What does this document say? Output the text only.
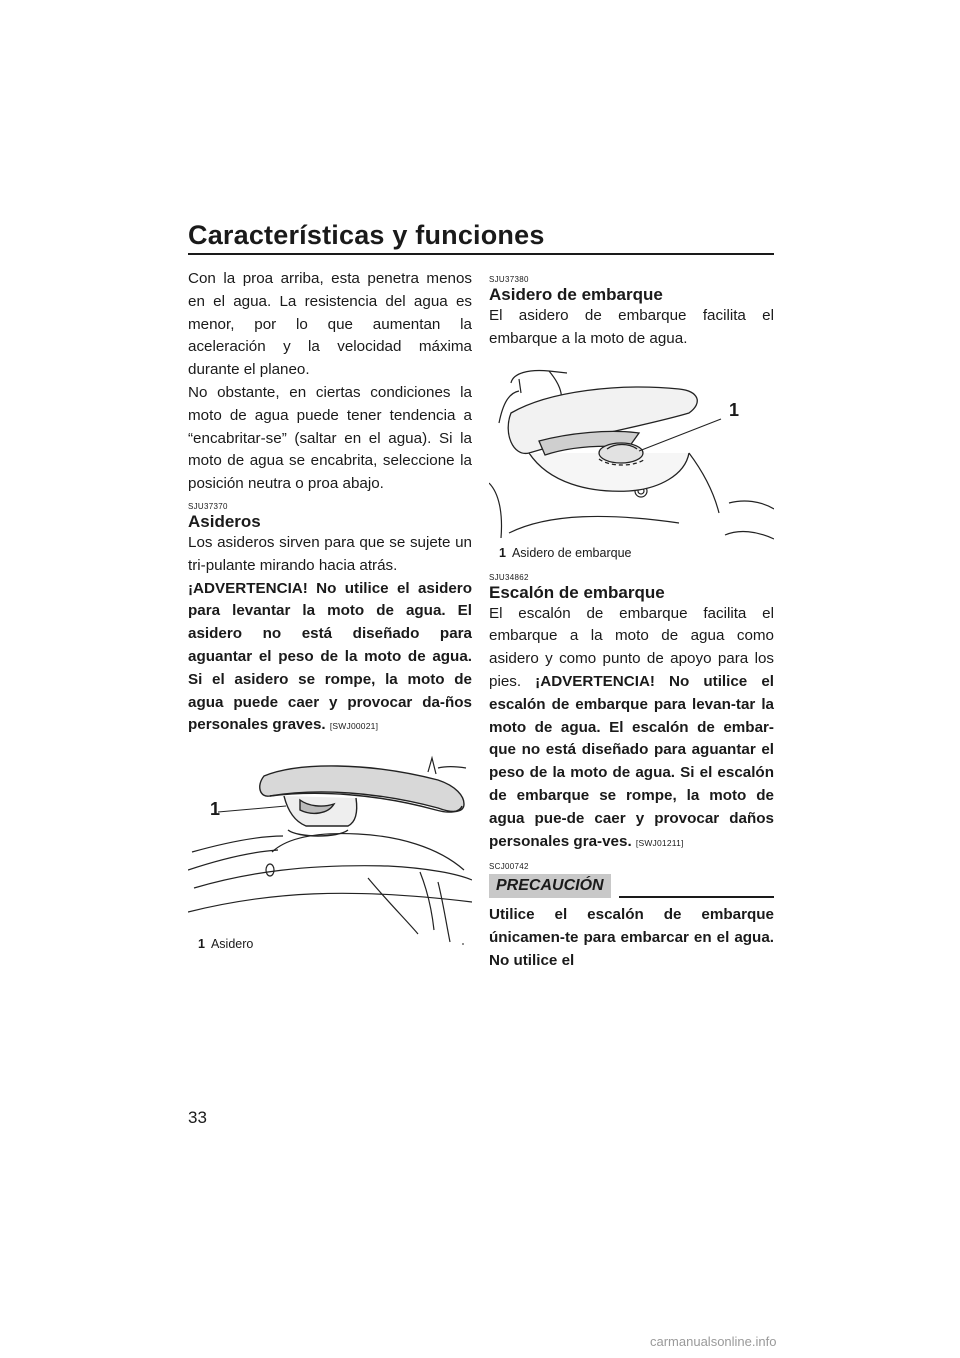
Características y funciones

Con la proa arriba, esta penetra menos en el agua. La resistencia del agua es menor, por lo que aumentan la aceleración y la velocidad máxima durante el planeo.

No obstante, en ciertas condiciones la moto de agua puede tener tendencia a “encabritar-se” (saltar en el agua). Si la moto de agua se encabrita, seleccione la posición neutra o proa abajo.

SJU37370
Asideros

Los asideros sirven para que se sujete un tri-pulante mirando hacia atrás.

¡ADVERTENCIA! No utilice el asidero para levantar la moto de agua. El asidero no está diseñado para aguantar el peso de la moto de agua. Si el asidero se rompe, la moto de agua puede caer y provocar da-ños personales graves. [SWJ00021]

1
1 Asidero
SJU37380
Asidero de embarque

El asidero de embarque facilita el embarque a la moto de agua.

1
1 Asidero de embarque
SJU34862
Escalón de embarque

El escalón de embarque facilita el embarque a la moto de agua como asidero y como punto de apoyo para los pies. ¡ADVERTENCIA! No utilice el escalón de embarque para levan-tar la moto de agua. El escalón de embar-que no está diseñado para aguantar el peso de la moto de agua. Si el escalón de embarque se rompe, la moto de agua pue-de caer y provocar daños personales gra-ves. [SWJ01211]

SCJ00742
PRECAUCIÓN

Utilice el escalón de embarque únicamen-te para embarcar en el agua. No utilice el

33
carmanualsonline.info
